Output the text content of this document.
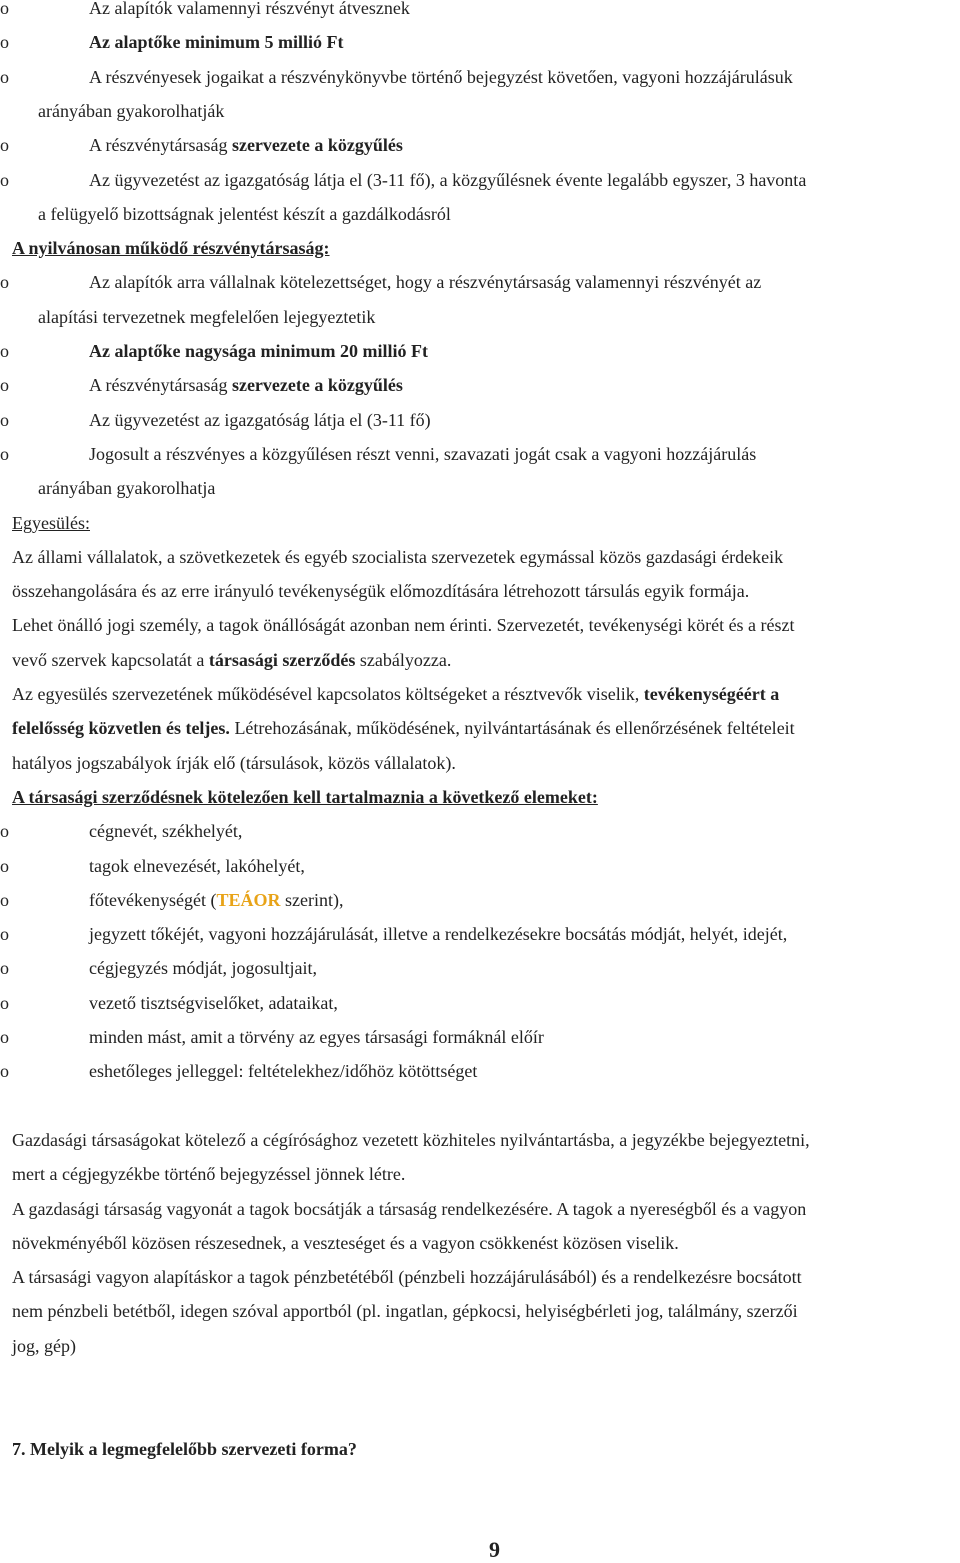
o	Az alapítók valamennyi részvényt átvesznek
o	Az alaptőke minimum 5 millió Ft
o	A részvényesek jogaikat a részvénykönyvbe történő bejegyzést követően, vagyoni hozzájárulásuk
arányában gyakorolhatják
o	A részvénytársaság szervezete a közgyűlés
o	Az ügyvezetést az igazgatóság látja el (3-11 fő), a közgyűlésnek évente legalább egyszer, 3 havonta
a felügyelő bizottságnak jelentést készít a gazdálkodásról
A nyilvánosan működő részvénytársaság:
o	Az alapítók arra vállalnak kötelezettséget, hogy a részvénytársaság valamennyi részvényét az
alapítási tervezetnek megfelelően lejegyeztetik
o	Az alaptőke nagysága minimum 20 millió Ft
o	A részvénytársaság szervezete a közgyűlés
o	Az ügyvezetést az igazgatóság látja el (3-11 fő)
o	Jogosult a részvényes a közgyűlésen részt venni, szavazati jogát csak a vagyoni hozzájárulás
arányában gyakorolhatja
Egyesülés:
Az állami vállalatok, a szövetkezetek és egyéb szocialista szervezetek egymással közös gazdasági érdekeik
összehangolására és az erre irányuló tevékenységük előmozdítására létrehozott társulás egyik formája.
Lehet önálló jogi személy, a tagok önállóságát azonban nem érinti. Szervezetét, tevékenységi körét és a részt
vevő szervek kapcsolatát a társasági szerződés szabályozza.
Az egyesülés szervezetének működésével kapcsolatos költségeket a résztvevők viselik, tevékenységéért a
felelősség közvetlen és teljes. Létrehozásának, működésének, nyilvántartásának és ellenőrzésének feltételeit
hatályos jogszabályok írják elő (társulások, közös vállalatok).
A társasági szerződésnek kötelezően kell tartalmaznia a következő elemeket:
o	cégnevét, székhelyét,
o	tagok elnevezését, lakóhelyét,
o	főtevékenységét (TEÁOR szerint),
o	jegyzett tőkéjét, vagyoni hozzájárulását, illetve a rendelkezésekre bocsátás módját, helyét, idejét,
o	cégjegyzés módját, jogosultjait,
o	vezető tisztségviselőket, adataikat,
o	minden mást, amit a törvény az egyes társasági formáknál előír
o	eshetőleges jelleggel: feltételekhez/időhöz kötöttséget
Gazdasági társaságokat kötelező a cégírósághoz vezetett közhiteles nyilvántartásba, a jegyzékbe bejegyeztetni,
mert a cégjegyzékbe történő bejegyzéssel jönnek létre.
A gazdasági társaság vagyonát a tagok bocsátják a társaság rendelkezésére. A tagok a nyereségből és a vagyon
növekményéből közösen részesednek, a veszteséget és a vagyon csökkenést közösen viselik.
A társasági vagyon alapításkor a tagok pénzbetétéből (pénzbeli hozzájárulásából) és a rendelkezésre bocsátott
nem pénzbeli betétből, idegen szóval apportból (pl. ingatlan, gépkocsi, helyiségbérleti jog, találmány, szerzői
jog, gép)
7. Melyik a legmegfelelőbb szervezeti forma?
9
